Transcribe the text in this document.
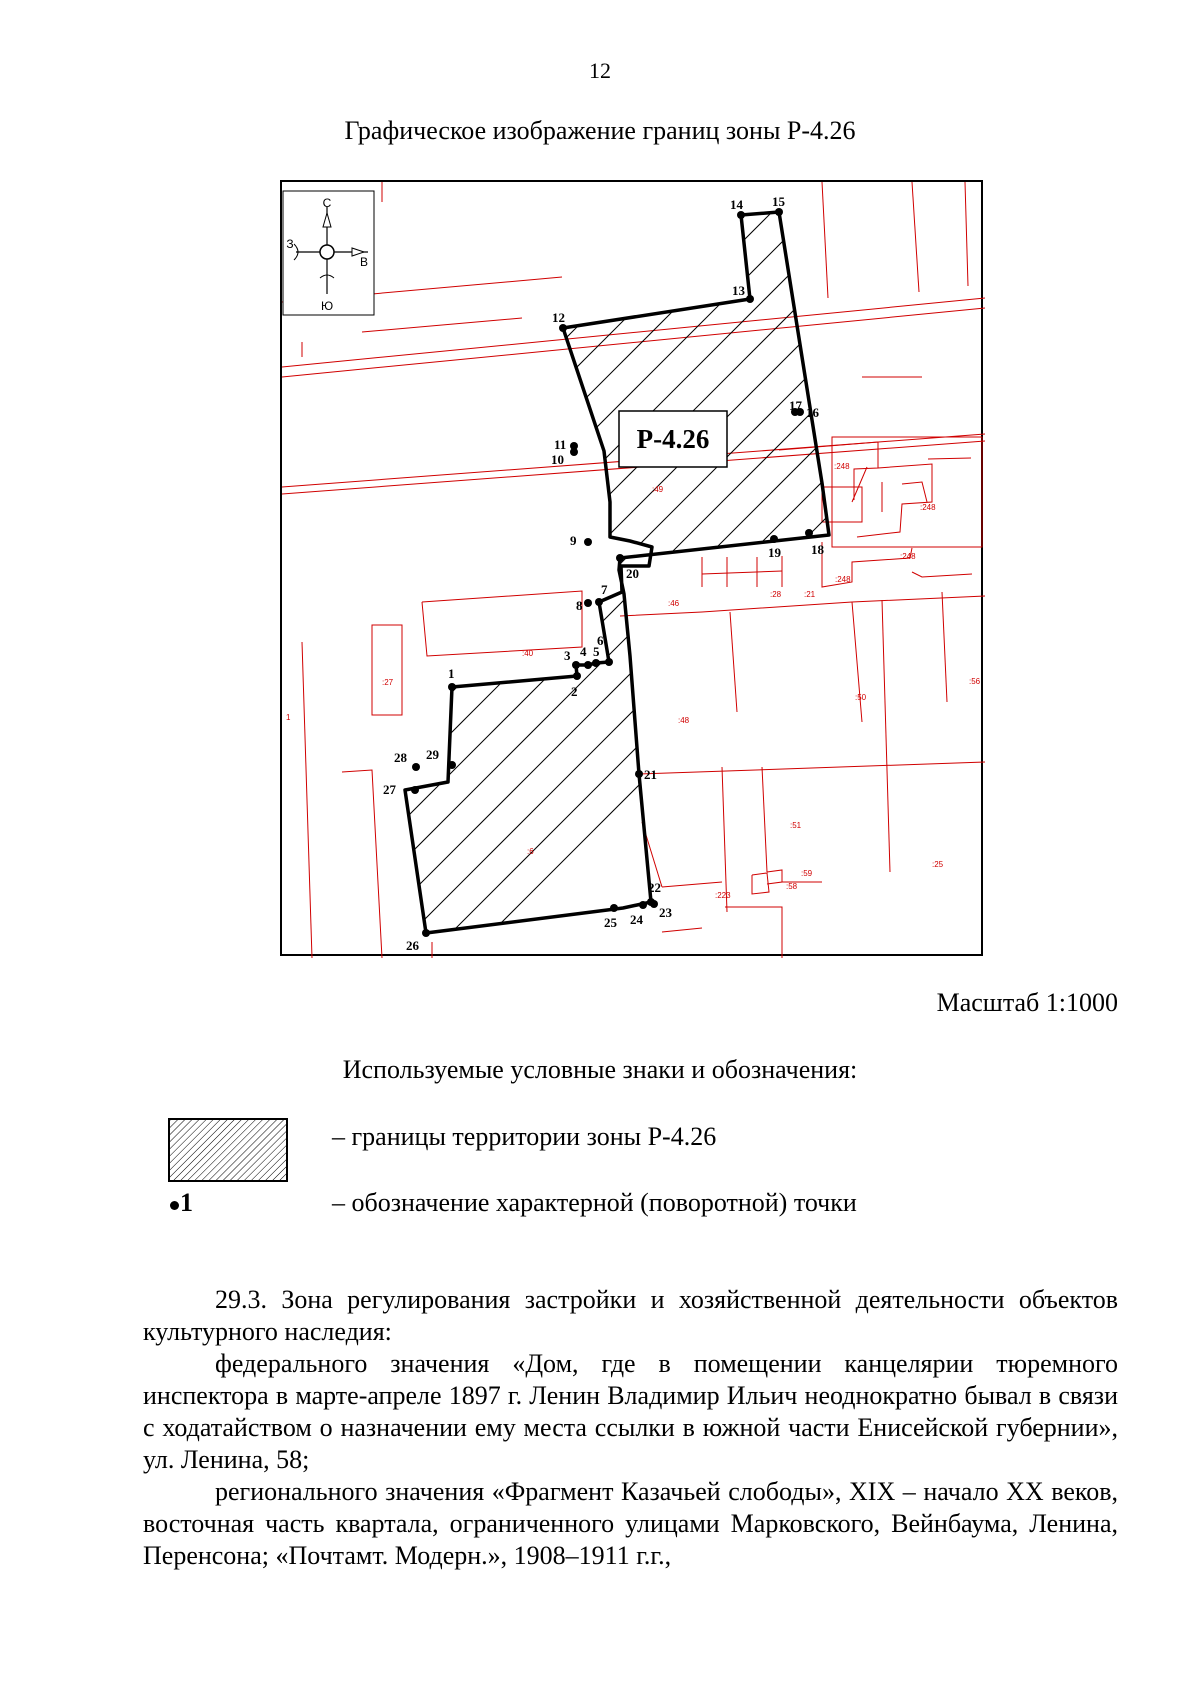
12
Графическое изображение границ зоны Р-4.26
1
2
3 4 5
6
7
8
9
10
11
12
13
14 15
16
17
18
19
20
21
22
23
24
25
26
27
28 29
:49
:248
:248
:248
:248
:46
:28	:21
:40
:27
:48
:50
:56
:6
:51
:59
:58
:223
:25
1
Р-4.26
С
Ю
З
В
Масштаб 1:1000
Используемые условные знаки и обозначения:
– границы территории зоны Р-4.26
1	– обозначение характерной (поворотной) точки

29.3. Зона регулирования застройки и хозяйственной деятельности объектов культурного наследия:

федерального значения «Дом, где в помещении канцелярии тюремного инспектора в марте-апреле 1897 г. Ленин Владимир Ильич неоднократно бывал в связи с ходатайством о назначении ему места ссылки в южной части Енисейской губернии», ул. Ленина, 58;

регионального значения «Фрагмент Казачьей слободы», XIX – начало XX веков, восточная часть квартала, ограниченного улицами Марковского, Вейнбаума, Ленина, Перенсона; «Почтамт. Модерн.», 1908–1911 г.г.,
